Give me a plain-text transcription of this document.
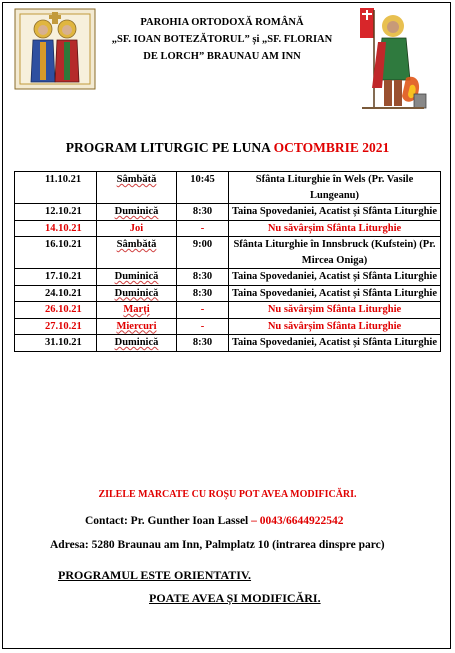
PAROHIA ORTODOXĂ ROMÂNĂ
„SF. IOAN BOTEZĂTORUL” și „SF. FLORIAN
DE LORCH” BRAUNAU AM INN
PROGRAM LITURGIC PE LUNA OCTOMBRIE 2021
11.10.21	Sâmbătă	10:45	Sfânta Liturghie în Wels (Pr. Vasile Lungeanu)
12.10.21	Duminică	8:30	Taina Spovedaniei, Acatist și Sfânta Liturghie
14.10.21	Joi	-	Nu săvârșim Sfânta Liturghie
16.10.21	Sâmbătă	9:00	Sfânta Liturghie în Innsbruck (Kufstein) (Pr. Mircea Oniga)
17.10.21	Duminică	8:30	Taina Spovedaniei, Acatist și Sfânta Liturghie
24.10.21	Duminică	8:30	Taina Spovedaniei, Acatist și Sfânta Liturghie
26.10.21	Marți	-	Nu săvârșim Sfânta Liturghie
27.10.21	Miercuri	-	Nu săvârșim Sfânta Liturghie
31.10.21	Duminică	8:30	Taina Spovedaniei, Acatist și Sfânta Liturghie
ZILELE MARCATE CU ROȘU POT AVEA MODIFICĂRI.
Contact: Pr. Gunther Ioan Lassel – 0043/6644922542
Adresa: 5280 Braunau am Inn, Palmplatz 10 (intrarea dinspre parc)
PROGRAMUL ESTE ORIENTATIV.
POATE AVEA ȘI MODIFICĂRI.
